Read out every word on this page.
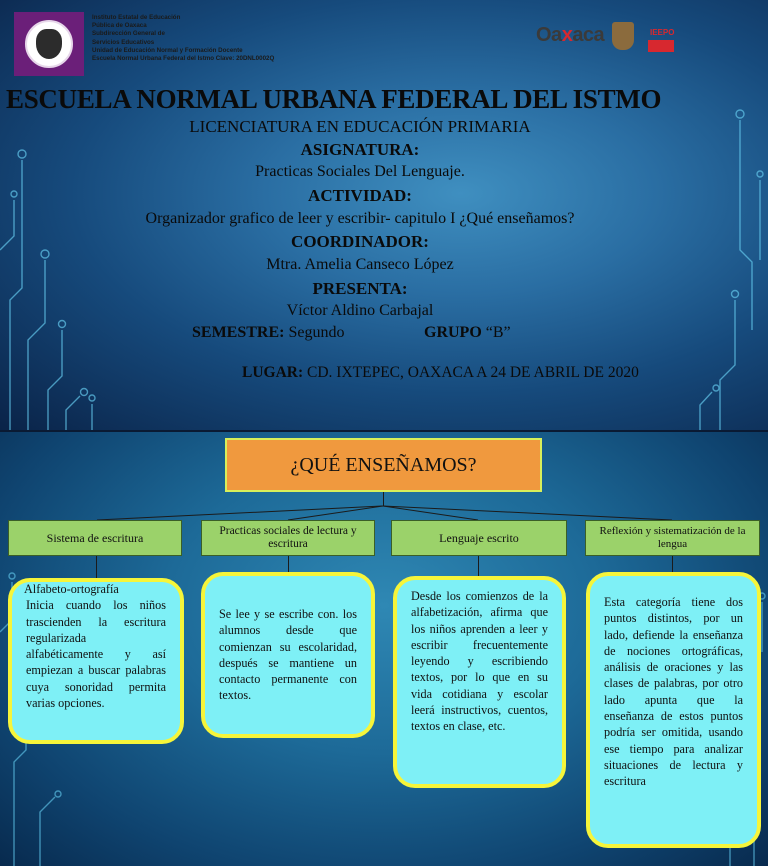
Instituto Estatal de Educación
Pública de Oaxaca
Subdirección General de
Servicios Educativos
Unidad de Educación Normal y Formación Docente
Escuela Normal Urbana Federal del Istmo Clave: 20DNL0002Q
Oaxaca	IEEPO
ESCUELA NORMAL URBANA FEDERAL DEL ISTMO
LICENCIATURA EN EDUCACIÓN PRIMARIA
ASIGNATURA:
Practicas Sociales Del Lenguaje.
ACTIVIDAD:
Organizador grafico de leer y escribir- capitulo I ¿Qué enseñamos?
COORDINADOR:
Mtra. Amelia Canseco López
PRESENTA:
Víctor Aldino Carbajal
SEMESTRE: Segundo	GRUPO “B”
LUGAR: CD. IXTEPEC, OAXACA A 24 DE ABRIL DE 2020
¿QUÉ ENSEÑAMOS?
Sistema de escritura	Practicas sociales de lectura y escritura	Lenguaje escrito	Reflexión y sistematización de la lengua
Alfabeto-ortografía
Inicia cuando los niños trascienden la escritura regularizada alfabéticamente y así empiezan a buscar palabras cuya sonoridad permita varias opciones.
Se lee y se escribe con. los alumnos desde que comienzan su escolaridad, después se mantiene un contacto permanente con textos.
Desde los comienzos de la alfabetización, afirma que los niños aprenden a leer y escribir frecuentemente leyendo y escribiendo textos, por lo que en su vida cotidiana y escolar leerá instructivos, cuentos, textos en clase, etc.
Esta categoría tiene dos puntos distintos, por un lado, defiende la enseñanza de nociones ortográficas, análisis de oraciones y las clases de palabras, por otro lado apunta que la enseñanza de estos puntos podría ser omitida, usando ese tiempo para analizar situaciones de lectura y escritura
